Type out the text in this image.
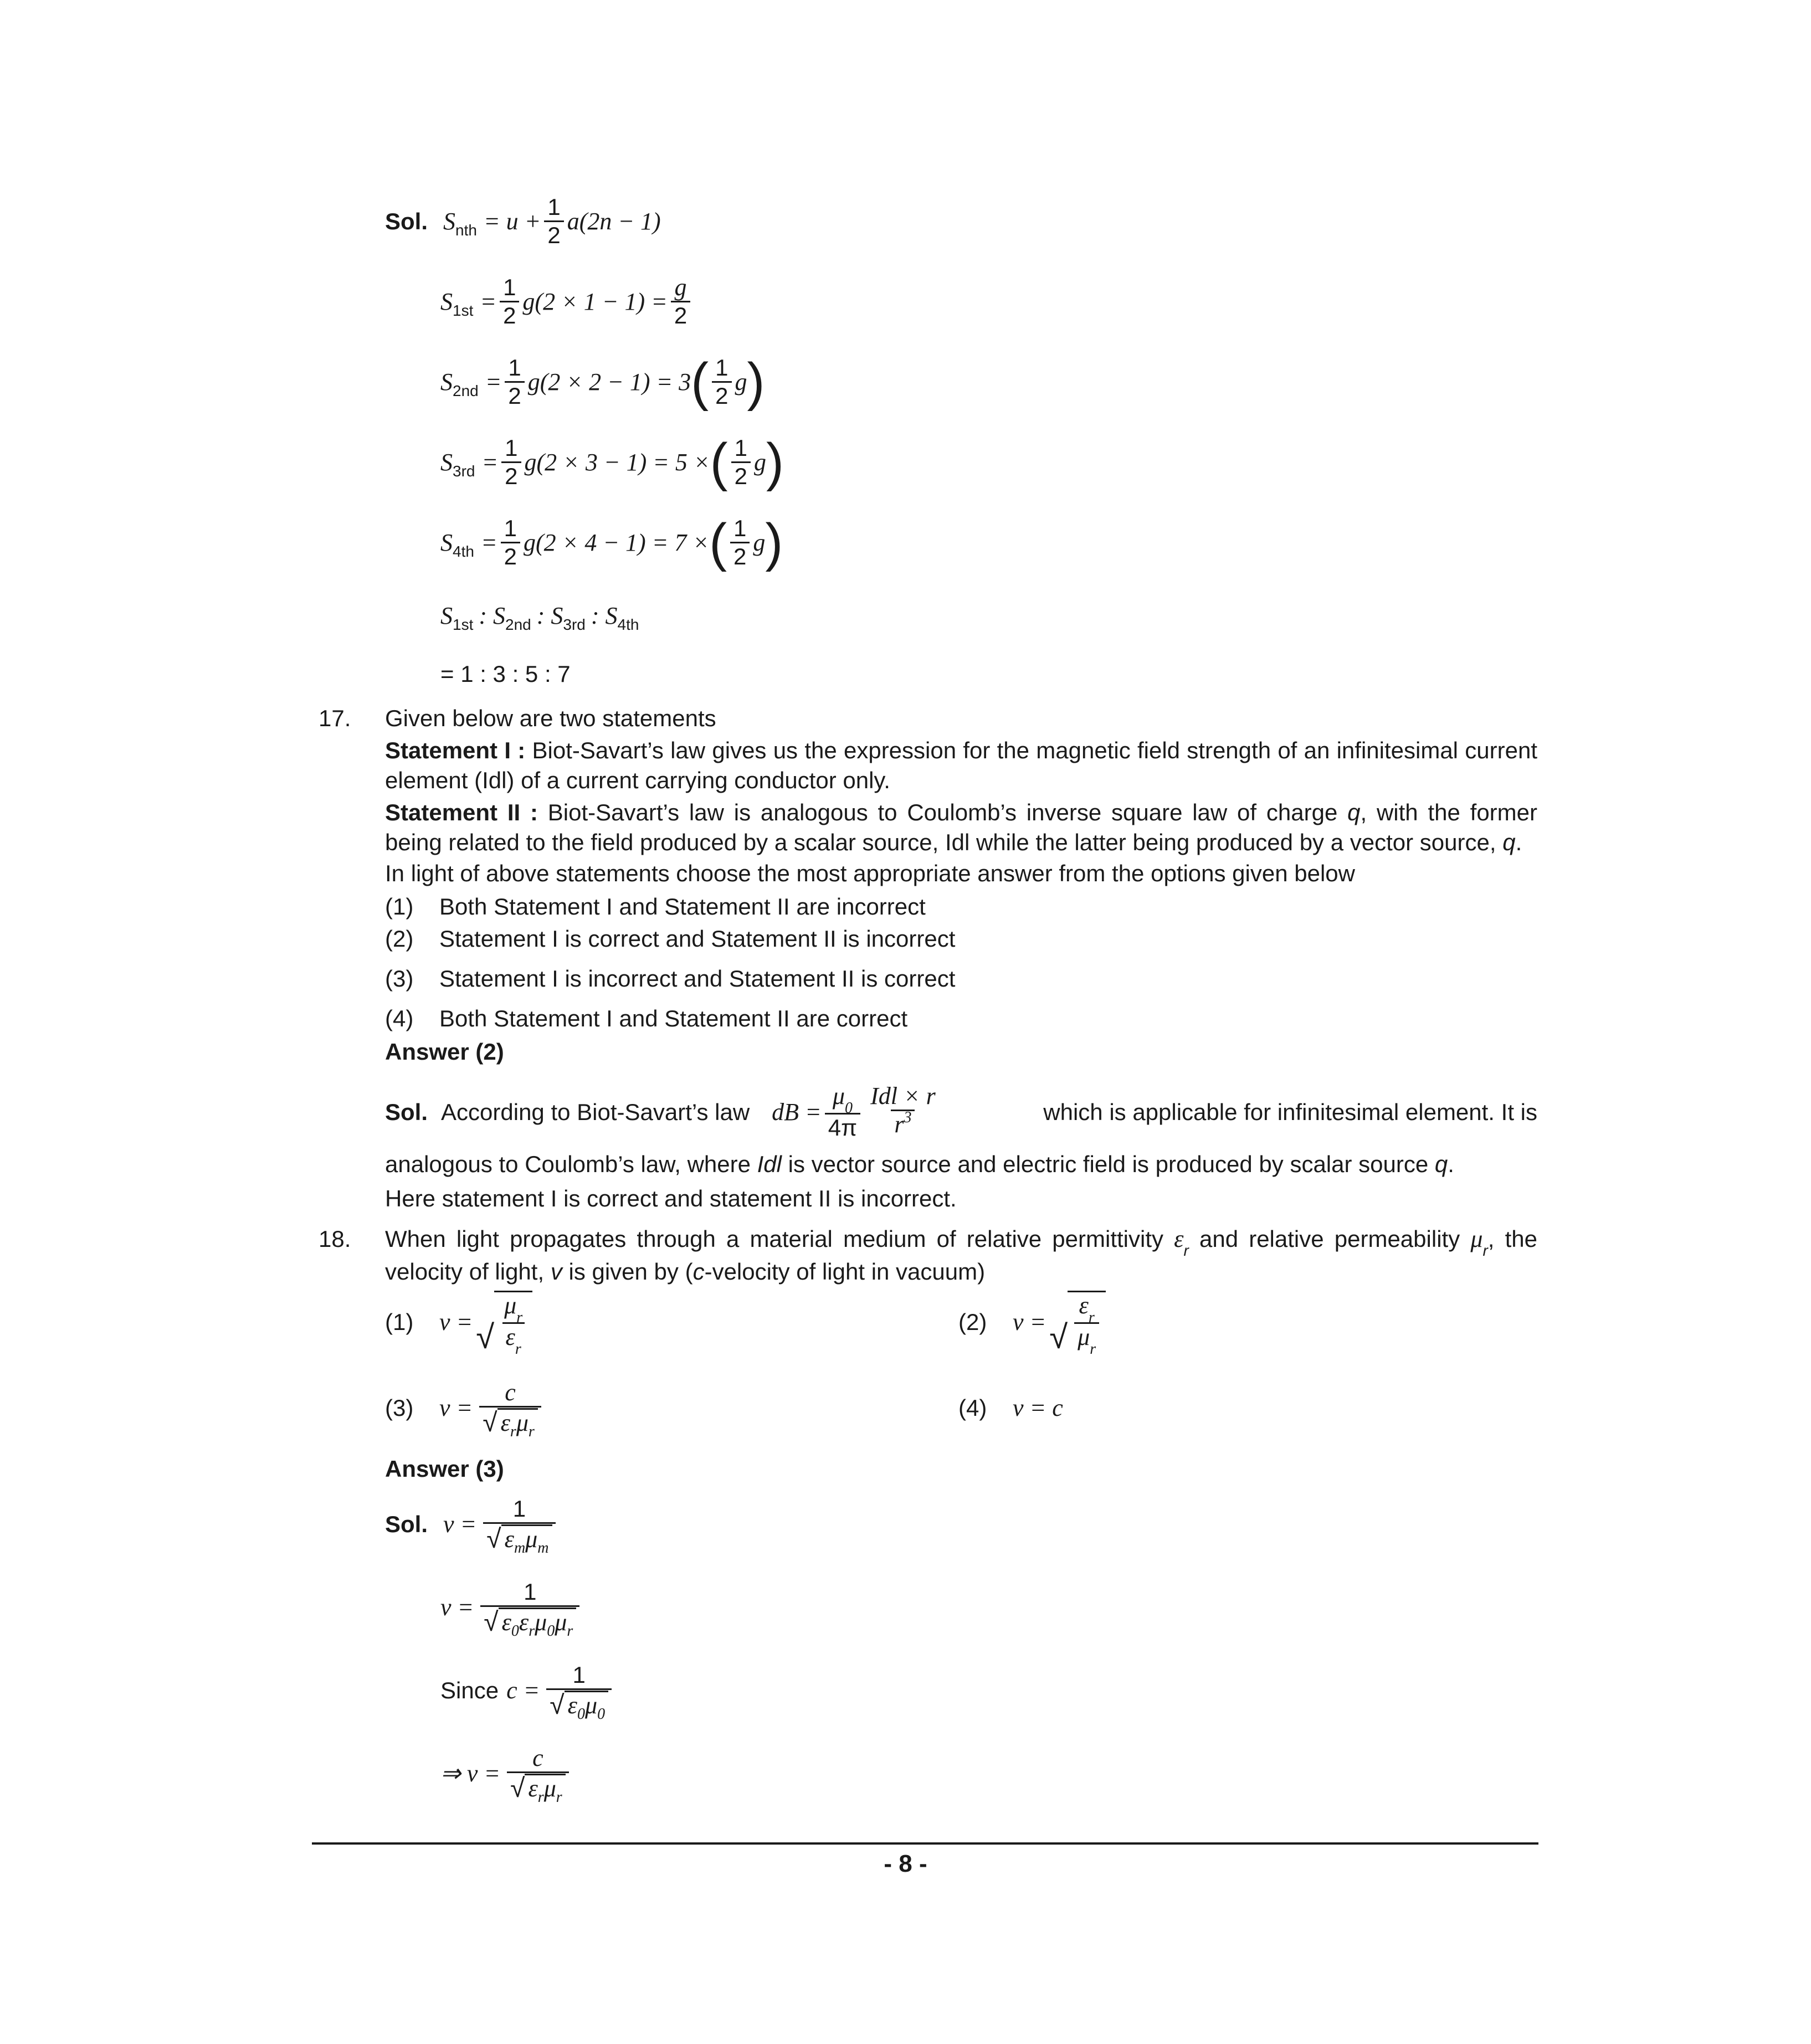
Sol. S nth = $u + \frac{1}{2} a(2n - 1)$
S $1st = \frac{1}{2} g(2 \times 1 - 1) = \frac{g}{2}$
S $2nd = \frac{1}{2} g(2 \times 2 - 1) = 3$ ( $\frac{1}{2}$ g )
S $3rd = \frac{1}{2} g(2 \times 3 - 1) = 5$ × ( $\frac{1}{2}$ g )
S $4th = \frac{1}{2} g(2 \times 4 - 1) = 7$ × ( $\frac{1}{2}$ g )
S 1st : S 2nd : S 3rd : S 4th
= 1 : 3 : 5 : 7
17. Given below are two statements
Statement I : Biot-Savart’s law gives us the expression for the magnetic field strength of an infinitesimal current element (Idl) of a current carrying conductor only.
Statement II : Biot-Savart’s law is analogous to Coulomb’s inverse square law of charge q, with the former being related to the field produced by a scalar source, Idl while the latter being produced by a vector source, q.
In light of above statements choose the most appropriate answer from the options given below
(1) Both Statement I and Statement II are incorrect
(2) Statement I is correct and Statement II is incorrect
(3) Statement I is incorrect and Statement II is correct
(4) Both Statement I and Statement II are correct
Answer (2)
Sol. According to Biot-Savart’s law dB = $\frac{\mu_0}{4\pi} \frac{\text{Idl × r}}{r^3}$	which is applicable for infinitesimal element. It is
analogous to Coulomb’s law, where Idl is vector source and electric field is produced by scalar source q.
Here statement I is correct and statement II is incorrect.
18. When light propagates through a material medium of relative permittivity $\varepsilon_r$ and relative permeability $\mu_r$, the velocity of light, v is given by (c-velocity of light in vacuum)
(1)	v = √ $\frac{\mu_r}{\varepsilon_r}$	(2)	v = √ $\frac{\varepsilon_r}{\mu_r}$
(3)	$v = \frac{c}{\text{√ ε r μ r}}$	(4)	v = c
Answer (3)
Sol. $v = \frac{1}{\text{√ ε m μ m}}$
$v = \frac{1}{\text{√ ε 0 ε r μ 0 μ r}}$
Since $c = \frac{1}{√ \varepsilon 0 \mu 0}$
⇒ $v = \frac{c}{\text{√ ε r μ r}}$
- 8 -
